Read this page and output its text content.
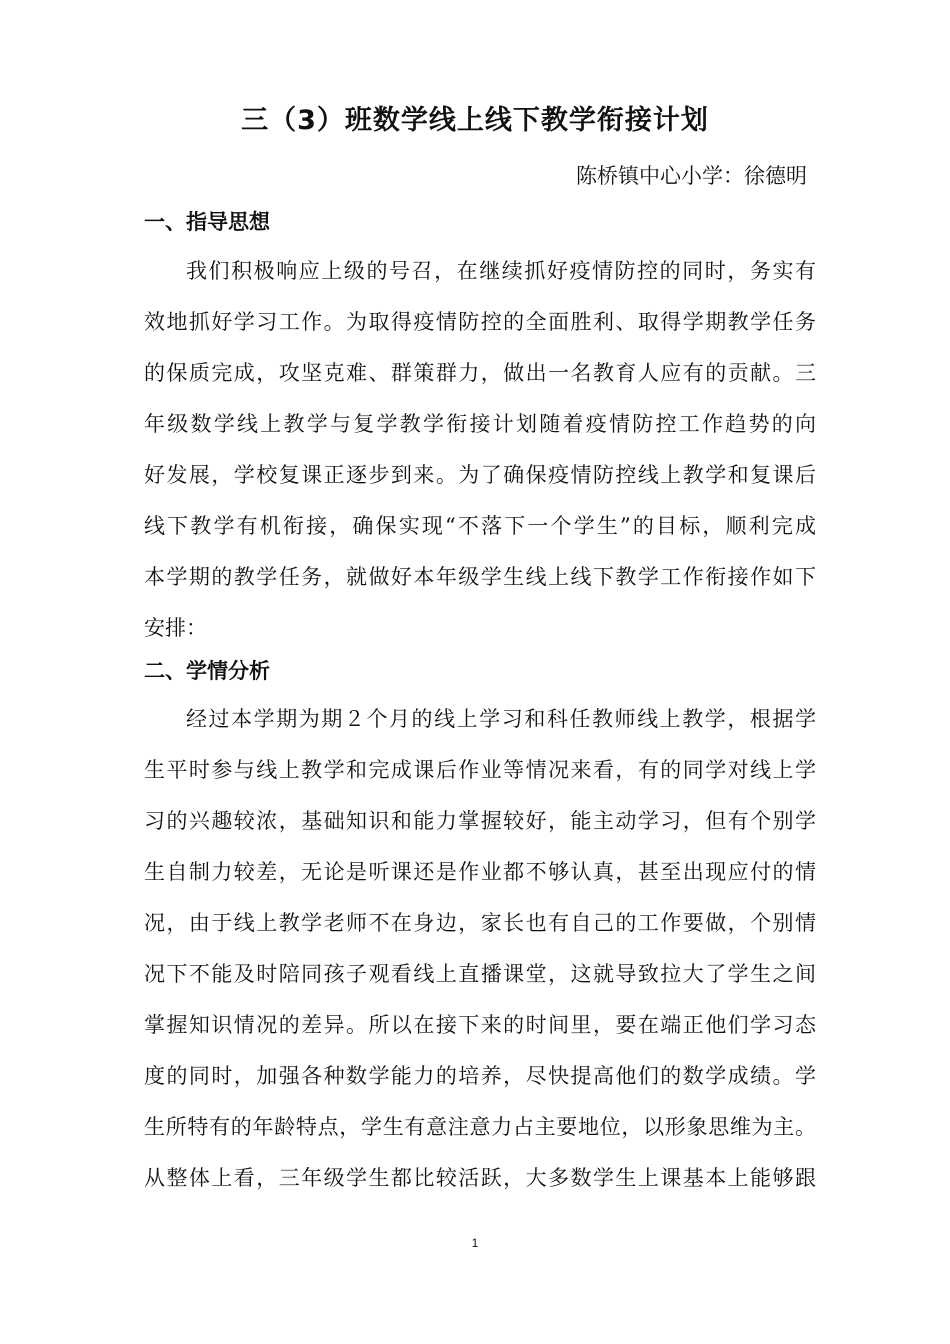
三（3）班数学线上线下教学衔接计划

陈桥镇中心小学：徐德明

一、指导思想
我们积极响应上级的号召，在继续抓好疫情防控的同时，务实有
效地抓好学习工作。为取得疫情防控的全面胜利、取得学期教学任务
的保质完成，攻坚克难、群策群力，做出一名教育人应有的贡献。三
年级数学线上教学与复学教学衔接计划随着疫情防控工作趋势的向
好发展，学校复课正逐步到来。为了确保疫情防控线上教学和复课后
线下教学有机衔接，确保实现“不落下一个学生”的目标，顺利完成
本学期的教学任务，就做好本年级学生线上线下教学工作衔接作如下
安排：
二、学情分析
经过本学期为期２个月的线上学习和科任教师线上教学，根据学
生平时参与线上教学和完成课后作业等情况来看，有的同学对线上学
习的兴趣较浓，基础知识和能力掌握较好，能主动学习，但有个别学
生自制力较差，无论是听课还是作业都不够认真，甚至出现应付的情
况，由于线上教学老师不在身边，家长也有自己的工作要做，个别情
况下不能及时陪同孩子观看线上直播课堂，这就导致拉大了学生之间
掌握知识情况的差异。所以在接下来的时间里，要在端正他们学习态
度的同时，加强各种数学能力的培养，尽快提高他们的数学成绩。学
生所特有的年龄特点，学生有意注意力占主要地位，以形象思维为主。
从整体上看，三年级学生都比较活跃，大多数学生上课基本上能够跟

1
